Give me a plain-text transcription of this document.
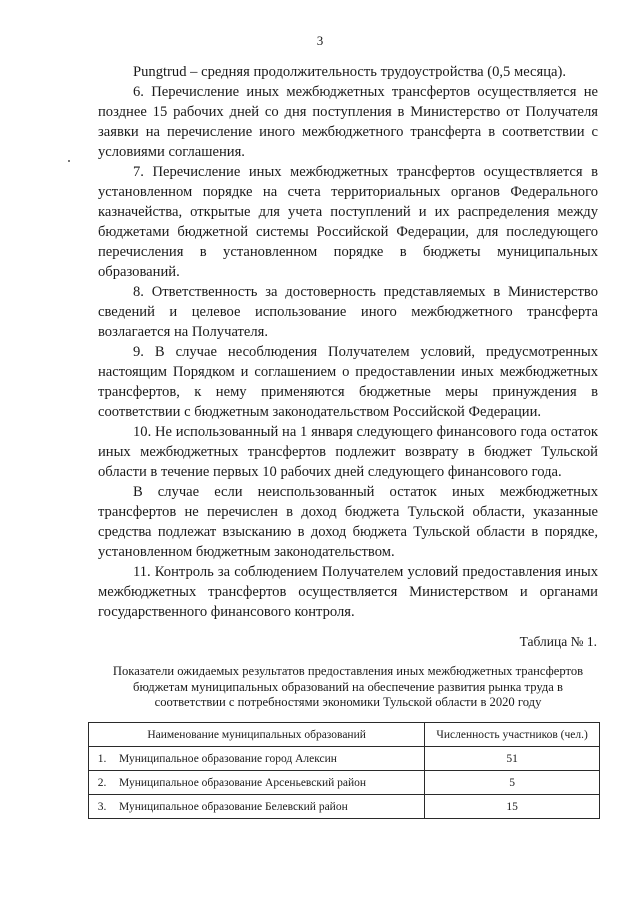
3

Pungtrud – средняя продолжительность трудоустройства (0,5 месяца).

6. Перечисление иных межбюджетных трансфертов осуществляется не позднее 15 рабочих дней со дня поступления в Министерство от Получателя заявки на перечисление иного межбюджетного трансферта в соответствии с условиями соглашения.

7. Перечисление иных межбюджетных трансфертов осуществляется в установленном порядке на счета территориальных органов Федерального казначейства, открытые для учета поступлений и их распределения между бюджетами бюджетной системы Российской Федерации, для последующего перечисления в установленном порядке в бюджеты муниципальных образований.

8. Ответственность за достоверность представляемых в Министерство сведений и целевое использование иного межбюджетного трансферта возлагается на Получателя.

9. В случае несоблюдения Получателем условий, предусмотренных настоящим Порядком и соглашением о предоставлении иных межбюджетных трансфертов, к нему применяются бюджетные меры принуждения в соответствии с бюджетным законодательством Российской Федерации.

10. Не использованный на 1 января следующего финансового года остаток иных межбюджетных трансфертов подлежит возврату в бюджет Тульской области в течение первых 10 рабочих дней следующего финансового года.

В случае если неиспользованный остаток иных межбюджетных трансфертов не перечислен в доход бюджета Тульской области, указанные средства подлежат взысканию в доход бюджета Тульской области в порядке, установленном бюджетным законодательством.

11. Контроль за соблюдением Получателем условий предоставления иных межбюджетных трансфертов осуществляется Министерством и органами государственного финансового контроля.

Таблица № 1.
Показатели ожидаемых результатов предоставления иных межбюджетных трансфертов бюджетам муниципальных образований на обеспечение развития рынка труда в соответствии с потребностями экономики Тульской области в 2020 году
Наименование муниципальных образований		Численность участников (чел.)
1.	Муниципальное образование город Алексин	51
2.	Муниципальное образование Арсеньевский район	5
3.	Муниципальное образование Белевский район	15
